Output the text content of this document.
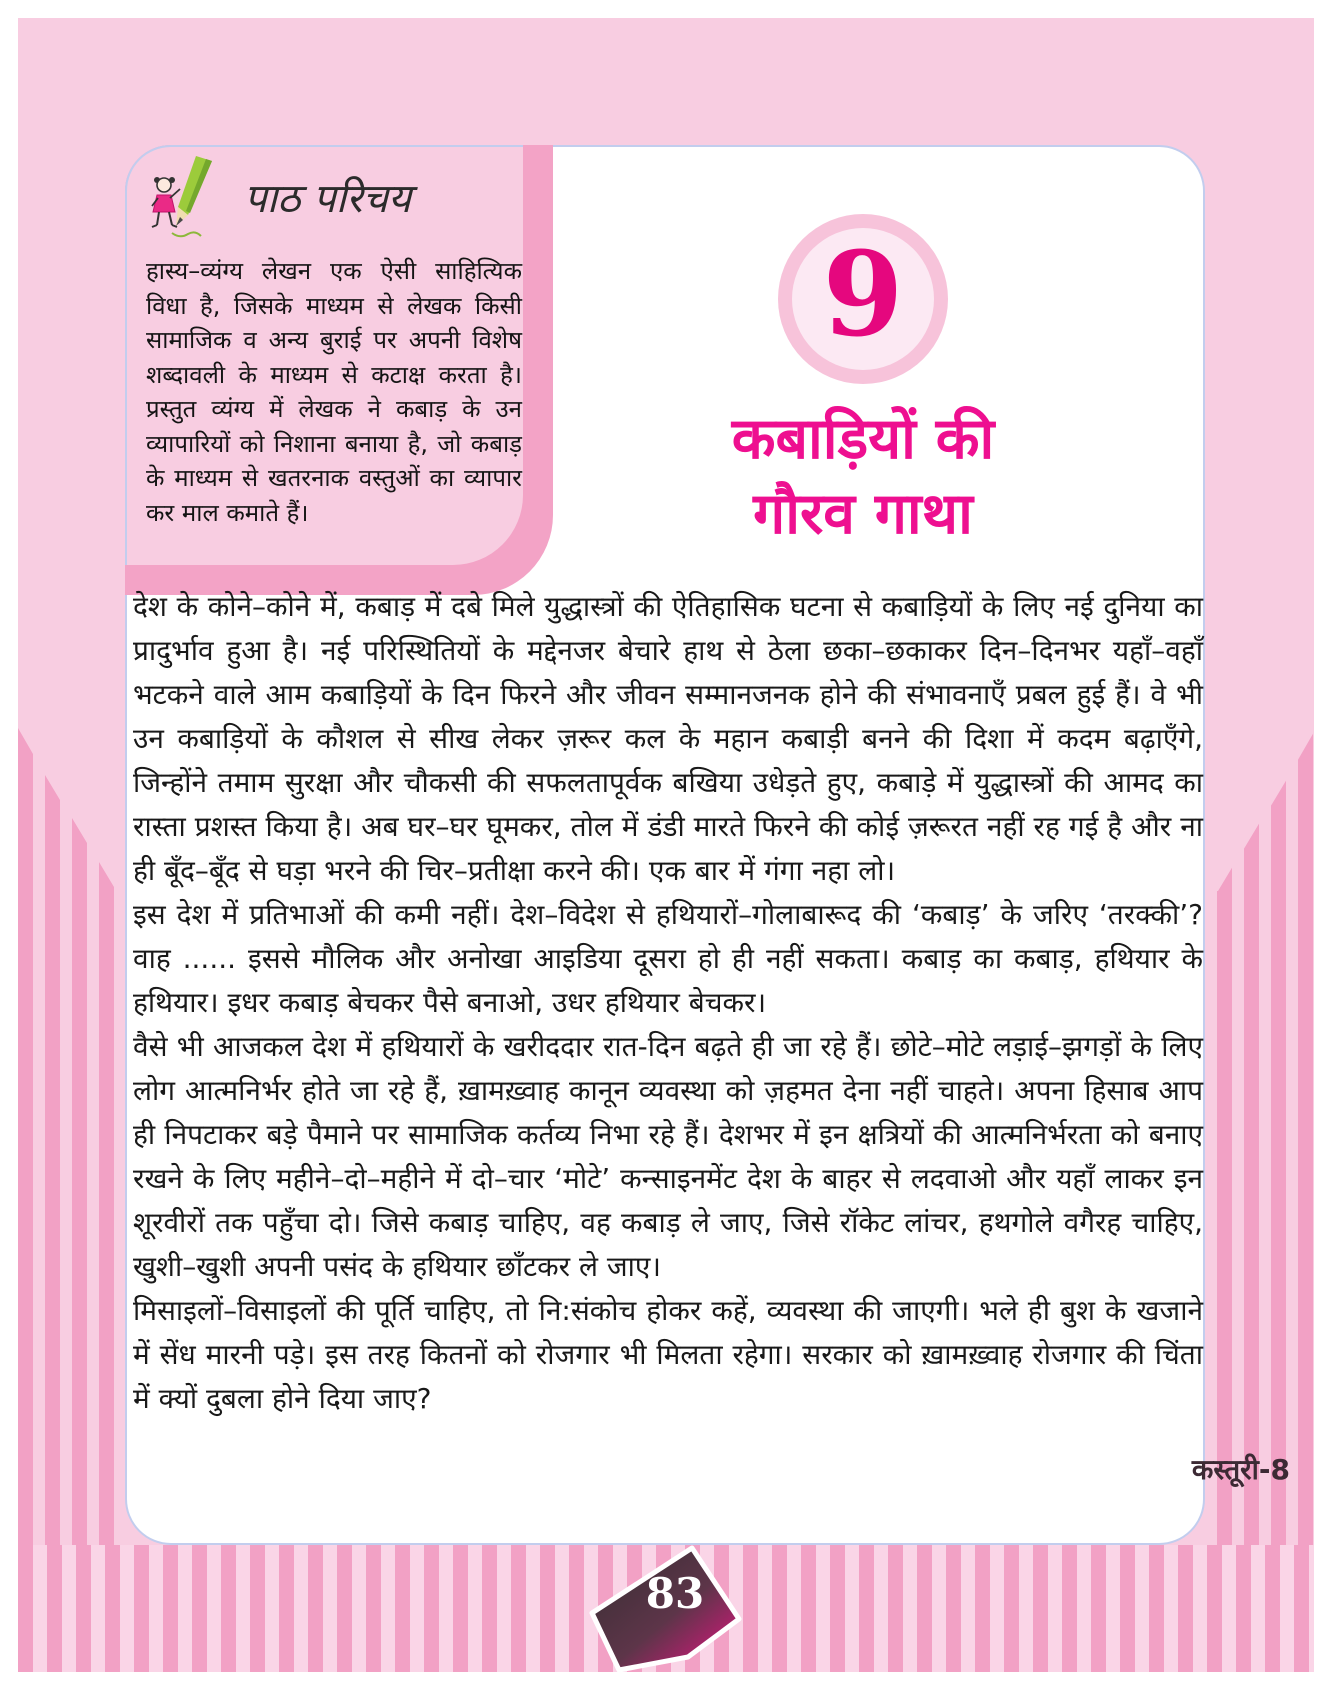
पाठ परिचय
हास्य–व्यंग्य लेखन एक ऐसी साहित्यिक विधा है, जिसके माध्यम से लेखक किसी सामाजिक व अन्य बुराई पर अपनी विशेष शब्दावली के माध्यम से कटाक्ष करता है। प्रस्तुत व्यंग्य में लेखक ने कबाड़ के उन व्यापारियों को निशाना बनाया है, जो कबाड़ के माध्यम से खतरनाक वस्तुओं का व्यापार कर माल कमाते हैं।
9
कबाड़ियों की
गौरव गाथा

देश के कोने–कोने में, कबाड़ में दबे मिले युद्धास्त्रों की ऐतिहासिक घटना से कबाड़ियों के लिए नई दुनिया का प्रादुर्भाव हुआ है। नई परिस्थितियों के मद्देनजर बेचारे हाथ से ठेला छका–छकाकर दिन–दिनभर यहाँ–वहाँ भटकने वाले आम कबाड़ियों के दिन फिरने और जीवन सम्मानजनक होने की संभावनाएँ प्रबल हुई हैं। वे भी उन कबाड़ियों के कौशल से सीख लेकर ज़रूर कल के महान कबाड़ी बनने की दिशा में कदम बढ़ाएँगे, जिन्होंने तमाम सुरक्षा और चौकसी की सफलतापूर्वक बखिया उधेड़ते हुए, कबाड़े में युद्धास्त्रों की आमद का रास्ता प्रशस्त किया है। अब घर–घर घूमकर, तोल में डंडी मारते फिरने की कोई ज़रूरत नहीं रह गई है और ना ही बूँद–बूँद से घड़ा भरने की चिर–प्रतीक्षा करने की। एक बार में गंगा नहा लो।

इस देश में प्रतिभाओं की कमी नहीं। देश–विदेश से हथियारों–गोलाबारूद की ‘कबाड़’ के जरिए ‘तरक्की’? वाह ...... इससे मौलिक और अनोखा आइडिया दूसरा हो ही नहीं सकता। कबाड़ का कबाड़, हथियार के हथियार। इधर कबाड़ बेचकर पैसे बनाओ, उधर हथियार बेचकर।

वैसे भी आजकल देश में हथियारों के खरीददार रात-दिन बढ़ते ही जा रहे हैं। छोटे–मोटे लड़ाई–झगड़ों के लिए लोग आत्मनिर्भर होते जा रहे हैं, ख़ामख़्वाह कानून व्यवस्था को ज़हमत देना नहीं चाहते। अपना हिसाब आप ही निपटाकर बड़े पैमाने पर सामाजिक कर्तव्य निभा रहे हैं। देशभर में इन क्षत्रियों की आत्मनिर्भरता को बनाए रखने के लिए महीने–दो–महीने में दो–चार ‘मोटे’ कन्साइनमेंट देश के बाहर से लदवाओ और यहाँ लाकर इन शूरवीरों तक पहुँचा दो। जिसे कबाड़ चाहिए, वह कबाड़ ले जाए, जिसे रॉकेट लांचर, हथगोले वगैरह चाहिए, खुशी–खुशी अपनी पसंद के हथियार छाँटकर ले जाए।

मिसाइलों–विसाइलों की पूर्ति चाहिए, तो नि:संकोच होकर कहें, व्यवस्था की जाएगी। भले ही बुश के खजाने में सेंध मारनी पड़े। इस तरह कितनों को रोजगार भी मिलता रहेगा। सरकार को ख़ामख़्वाह रोजगार की चिंता में क्यों दुबला होने दिया जाए?

कस्तूरी-8
83
